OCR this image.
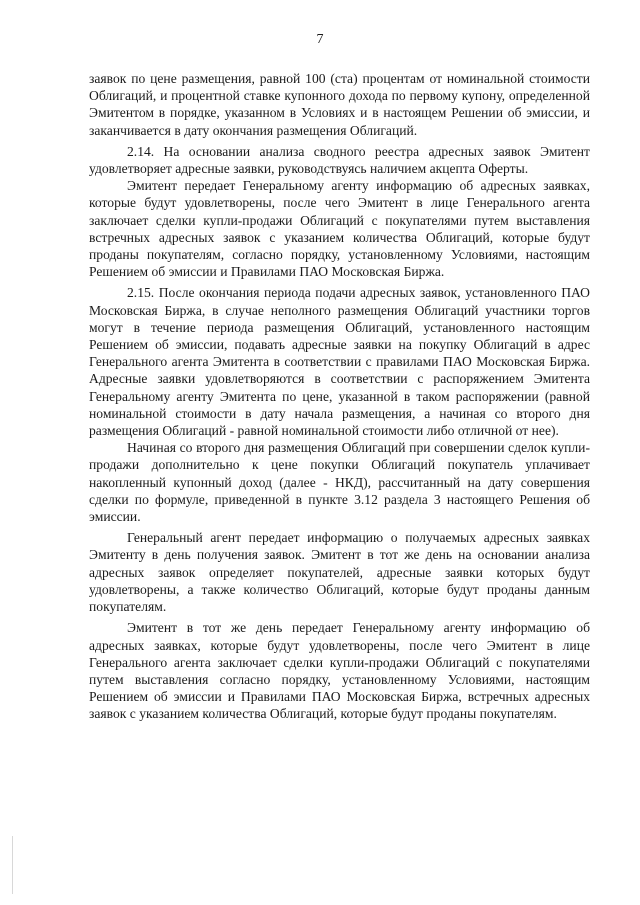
7

заявок по цене размещения, равной 100 (ста) процентам от номинальной стоимости Облигаций, и процентной ставке купонного дохода по первому купону, определенной Эмитентом в порядке, указанном в Условиях и в настоящем Решении об эмиссии, и заканчивается в дату окончания размещения Облигаций.

2.14. На основании анализа сводного реестра адресных заявок Эмитент удовлетворяет адресные заявки, руководствуясь наличием акцепта Оферты.

Эмитент передает Генеральному агенту информацию об адресных заявках, которые будут удовлетворены, после чего Эмитент в лице Генерального агента заключает сделки купли-продажи Облигаций с покупателями путем выставления встречных адресных заявок с указанием количества Облигаций, которые будут проданы покупателям, согласно порядку, установленному Условиями, настоящим Решением об эмиссии и Правилами ПАО Московская Биржа.

2.15. После окончания периода подачи адресных заявок, установленного ПАО Московская Биржа, в случае неполного размещения Облигаций участники торгов могут в течение периода размещения Облигаций, установленного настоящим Решением об эмиссии, подавать адресные заявки на покупку Облигаций в адрес Генерального агента Эмитента в соответствии с правилами ПАО Московская Биржа. Адресные заявки удовлетворяются в соответствии с распоряжением Эмитента Генеральному агенту Эмитента по цене, указанной в таком распоряжении (равной номинальной стоимости в дату начала размещения, а начиная со второго дня размещения Облигаций - равной номинальной стоимости либо отличной от нее).

Начиная со второго дня размещения Облигаций при совершении сделок купли-продажи дополнительно к цене покупки Облигаций покупатель уплачивает накопленный купонный доход (далее - НКД), рассчитанный на дату совершения сделки по формуле, приведенной в пункте 3.12 раздела 3 настоящего Решения об эмиссии.

Генеральный агент передает информацию о получаемых адресных заявках Эмитенту в день получения заявок. Эмитент в тот же день на основании анализа адресных заявок определяет покупателей, адресные заявки которых будут удовлетворены, а также количество Облигаций, которые будут проданы данным покупателям.

Эмитент в тот же день передает Генеральному агенту информацию об адресных заявках, которые будут удовлетворены, после чего Эмитент в лице Генерального агента заключает сделки купли-продажи Облигаций с покупателями путем выставления согласно порядку, установленному Условиями, настоящим Решением об эмиссии и Правилами ПАО Московская Биржа, встречных адресных заявок с указанием количества Облигаций, которые будут проданы покупателям.
